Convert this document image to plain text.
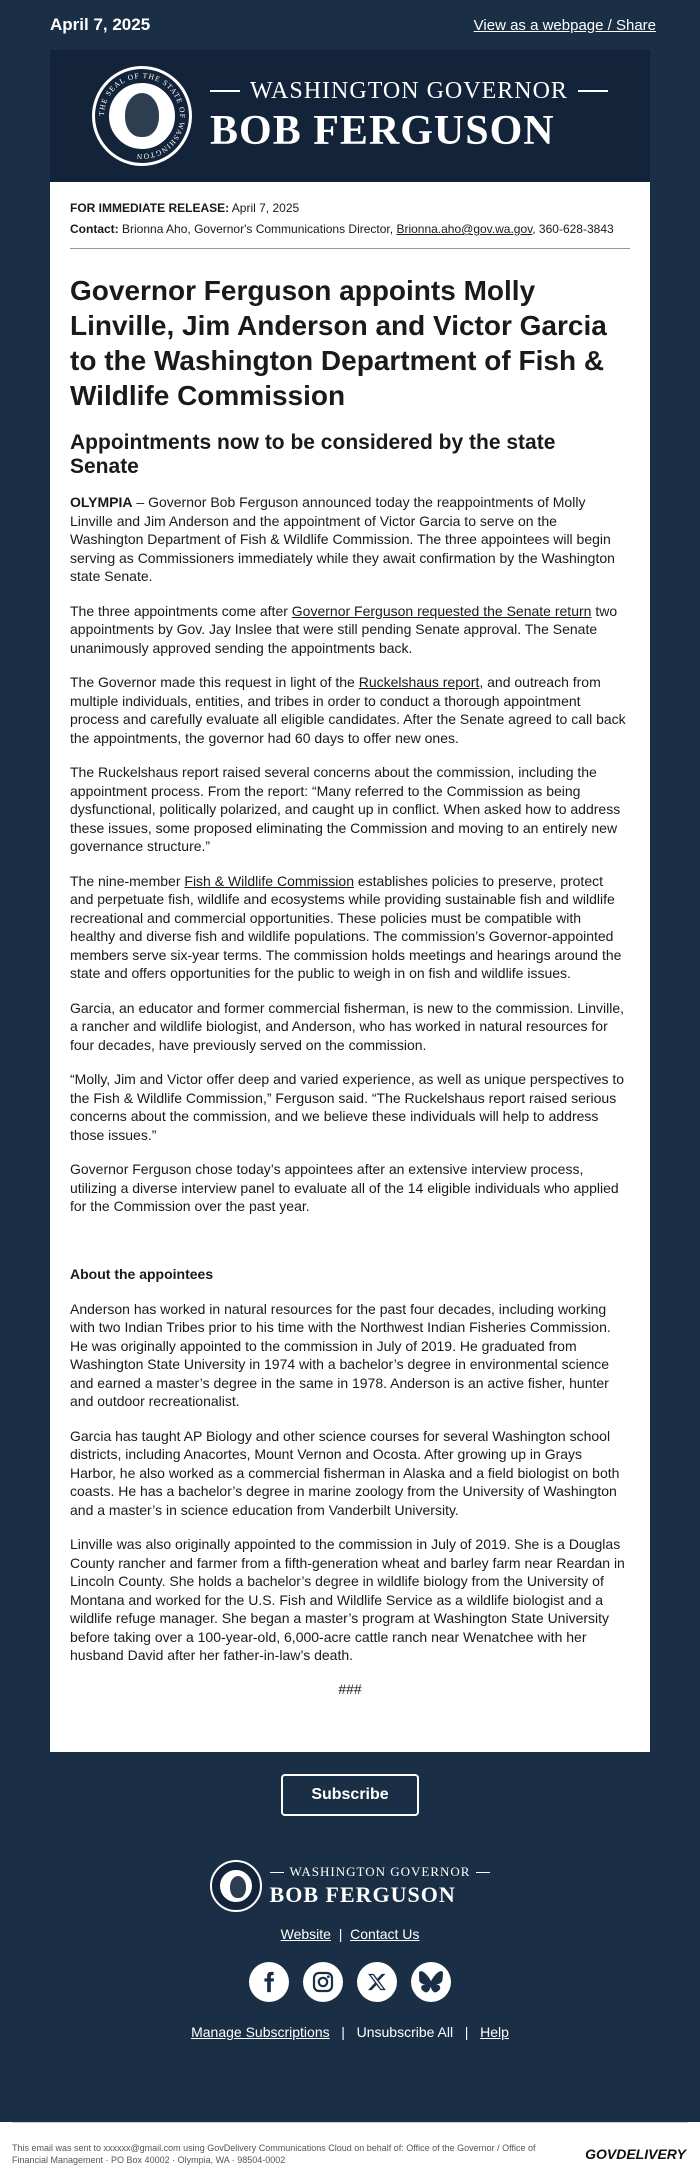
April 7, 2025	View as a webpage / Share
THE SEAL OF THE STATE OF WASHINGTON
WASHINGTON GOVERNOR
BOB FERGUSON
FOR IMMEDIATE RELEASE: April 7, 2025
Contact: Brionna Aho, Governor's Communications Director, Brionna.aho@gov.wa.gov, 360-628-3843
Governor Ferguson appoints Molly Linville, Jim Anderson and Victor Garcia to the Washington Department of Fish & Wildlife Commission
Appointments now to be considered by the state Senate

OLYMPIA – Governor Bob Ferguson announced today the reappointments of Molly Linville and Jim Anderson and the appointment of Victor Garcia to serve on the Washington Department of Fish & Wildlife Commission. The three appointees will begin serving as Commissioners immediately while they await confirmation by the Washington state Senate.

The three appointments come after Governor Ferguson requested the Senate return two appointments by Gov. Jay Inslee that were still pending Senate approval. The Senate unanimously approved sending the appointments back.

The Governor made this request in light of the Ruckelshaus report, and outreach from multiple individuals, entities, and tribes in order to conduct a thorough appointment process and carefully evaluate all eligible candidates. After the Senate agreed to call back the appointments, the governor had 60 days to offer new ones.

The Ruckelshaus report raised several concerns about the commission, including the appointment process. From the report: “Many referred to the Commission as being dysfunctional, politically polarized, and caught up in conflict. When asked how to address these issues, some proposed eliminating the Commission and moving to an entirely new governance structure.”

The nine-member Fish & Wildlife Commission establishes policies to preserve, protect and perpetuate fish, wildlife and ecosystems while providing sustainable fish and wildlife recreational and commercial opportunities. These policies must be compatible with healthy and diverse fish and wildlife populations. The commission’s Governor-appointed members serve six-year terms. The commission holds meetings and hearings around the state and offers opportunities for the public to weigh in on fish and wildlife issues.

Garcia, an educator and former commercial fisherman, is new to the commission. Linville, a rancher and wildlife biologist, and Anderson, who has worked in natural resources for four decades, have previously served on the commission.

“Molly, Jim and Victor offer deep and varied experience, as well as unique perspectives to the Fish & Wildlife Commission,” Ferguson said. “The Ruckelshaus report raised serious concerns about the commission, and we believe these individuals will help to address those issues.”

Governor Ferguson chose today’s appointees after an extensive interview process, utilizing a diverse interview panel to evaluate all of the 14 eligible individuals who applied for the Commission over the past year.

About the appointees

Anderson has worked in natural resources for the past four decades, including working with two Indian Tribes prior to his time with the Northwest Indian Fisheries Commission. He was originally appointed to the commission in July of 2019. He graduated from Washington State University in 1974 with a bachelor’s degree in environmental science and earned a master’s degree in the same in 1978. Anderson is an active fisher, hunter and outdoor recreationalist.

Garcia has taught AP Biology and other science courses for several Washington school districts, including Anacortes, Mount Vernon and Ocosta. After growing up in Grays Harbor, he also worked as a commercial fisherman in Alaska and a field biologist on both coasts. He has a bachelor’s degree in marine zoology from the University of Washington and a master’s in science education from Vanderbilt University.

Linville was also originally appointed to the commission in July of 2019. She is a Douglas County rancher and farmer from a fifth-generation wheat and barley farm near Reardan in Lincoln County. She holds a bachelor’s degree in wildlife biology from the University of Montana and worked for the U.S. Fish and Wildlife Service as a wildlife biologist and a wildlife refuge manager. She began a master’s program at Washington State University before taking over a 100-year-old, 6,000-acre cattle ranch near Wenatchee with her husband David after her father-in-law’s death.

###
Subscribe
WASHINGTON GOVERNOR
BOB FERGUSON
Website | Contact Us
Manage Subscriptions | Unsubscribe All | Help
This email was sent to xxxxxx@gmail.com using GovDelivery Communications Cloud on behalf of: Office of the Governor / Office of Financial Management · PO Box 40002 · Olympia, WA · 98504-0002	GOVDELIVERY
